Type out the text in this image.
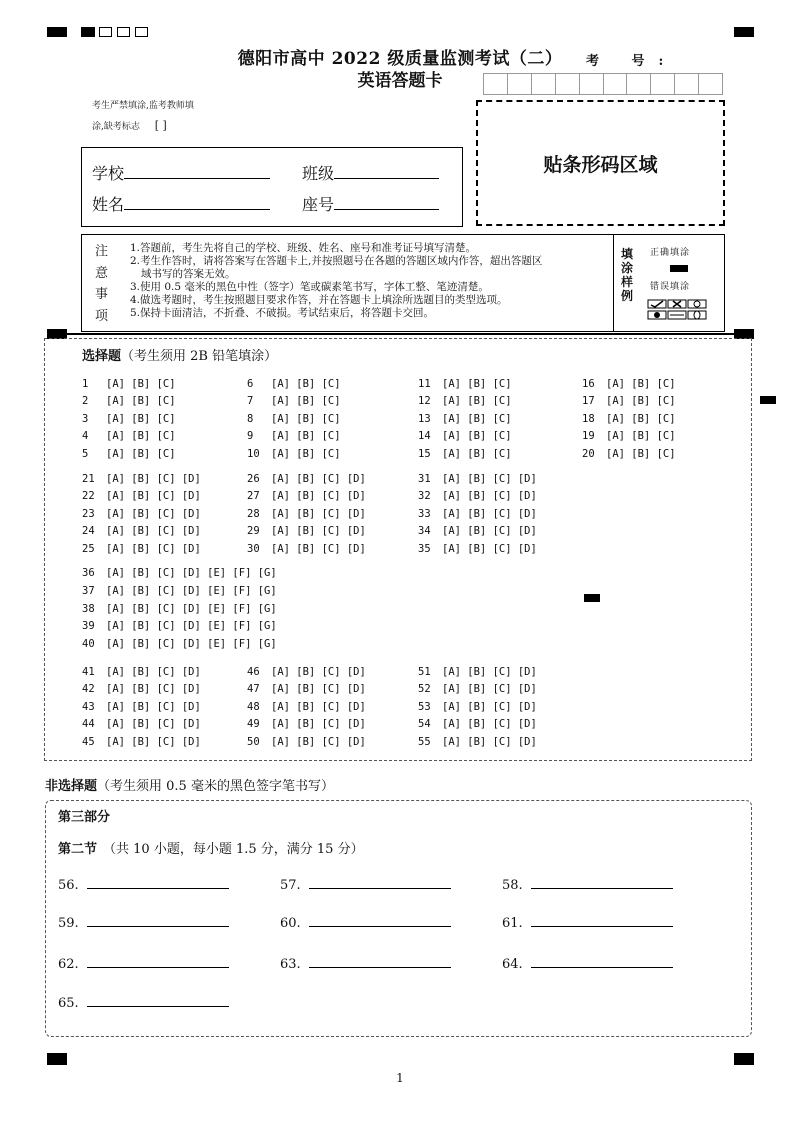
德阳市高中 2022 级质量监测考试（二）
英语答题卡
考 号:
考生严禁填涂,监考教师填
涂,缺考标志 [ ]
学校	班级
姓名	座号
贴条形码区域
注
意
事
项
1.答题前，考生先将自己的学校、班级、姓名、座号和准考证号填写清楚。
2.考生作答时，请将答案写在答题卡上,并按照题号在各题的答题区域内作答，超出答题区
域书写的答案无效。
3.使用 0.5 毫米的黑色中性（签字）笔或碳素笔书写，字体工整、笔迹清楚。
4.做选考题时，考生按照题目要求作答，并在答题卡上填涂所选题目的类型选项。
5.保持卡面清洁，不折叠、不破损。考试结束后，将答题卡交回。
填
涂
样
例
正确填涂
错误填涂
选择题（考生须用 2B 铅笔填涂）
1 [A] [B] [C]
2 [A] [B] [C]
3 [A] [B] [C]
4 [A] [B] [C]
5 [A] [B] [C]
6 [A] [B] [C]
7 [A] [B] [C]
8 [A] [B] [C]
9 [A] [B] [C]
10 [A] [B] [C]
11 [A] [B] [C]
12 [A] [B] [C]
13 [A] [B] [C]
14 [A] [B] [C]
15 [A] [B] [C]
16 [A] [B] [C]
17 [A] [B] [C]
18 [A] [B] [C]
19 [A] [B] [C]
20 [A] [B] [C]
21 [A] [B] [C] [D]
22 [A] [B] [C] [D]
23 [A] [B] [C] [D]
24 [A] [B] [C] [D]
25 [A] [B] [C] [D]
26 [A] [B] [C] [D]
27 [A] [B] [C] [D]
28 [A] [B] [C] [D]
29 [A] [B] [C] [D]
30 [A] [B] [C] [D]
31 [A] [B] [C] [D]
32 [A] [B] [C] [D]
33 [A] [B] [C] [D]
34 [A] [B] [C] [D]
35 [A] [B] [C] [D]
36 [A] [B] [C] [D] [E] [F] [G]
37 [A] [B] [C] [D] [E] [F] [G]
38 [A] [B] [C] [D] [E] [F] [G]
39 [A] [B] [C] [D] [E] [F] [G]
40 [A] [B] [C] [D] [E] [F] [G]
41 [A] [B] [C] [D]
42 [A] [B] [C] [D]
43 [A] [B] [C] [D]
44 [A] [B] [C] [D]
45 [A] [B] [C] [D]
46 [A] [B] [C] [D]
47 [A] [B] [C] [D]
48 [A] [B] [C] [D]
49 [A] [B] [C] [D]
50 [A] [B] [C] [D]
51 [A] [B] [C] [D]
52 [A] [B] [C] [D]
53 [A] [B] [C] [D]
54 [A] [B] [C] [D]
55 [A] [B] [C] [D]
非选择题（考生须用 0.5 毫米的黑色签字笔书写）
第三部分
第二节 （共 10 小题，每小题 1.5 分，满分 15 分）
56.	57.	58.
59.	60.	61.
62.	63.	64.
65.
1
